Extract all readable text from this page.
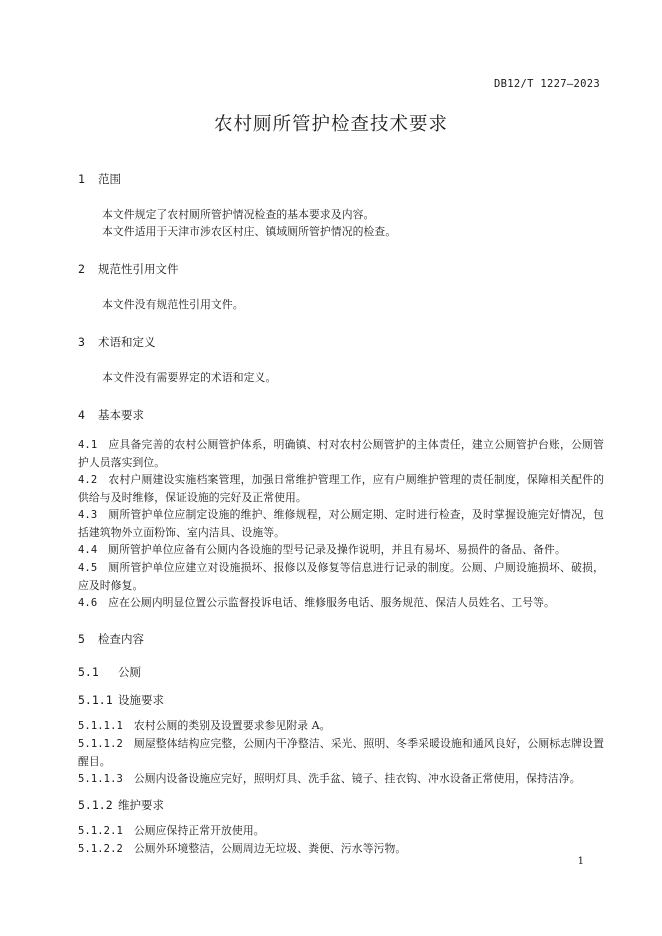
DB12/T 1227—2023
农村厕所管护检查技术要求
1	范围
本文件规定了农村厕所管护情况检查的基本要求及内容。
本文件适用于天津市涉农区村庄、镇域厕所管护情况的检查。
2	规范性引用文件
本文件没有规范性引用文件。
3	术语和定义
本文件没有需要界定的术语和定义。
4	基本要求
4.1　 应具备完善的农村公厕管护体系，明确镇、村对农村公厕管护的主体责任，建立公厕管护台账，公厕管护人员落实到位。
4.2　 农村户厕建设实施档案管理，加强日常维护管理工作，应有户厕维护管理的责任制度，保障相关配件的供给与及时维修，保证设施的完好及正常使用。
4.3　 厕所管护单位应制定设施的维护、维修规程，对公厕定期、定时进行检查，及时掌握设施完好情况，包括建筑物外立面粉饰、室内洁具、设施等。
4.4　 厕所管护单位应备有公厕内各设施的型号记录及操作说明，并且有易坏、易损件的备品、备件。
4.5　 厕所管护单位应建立对设施损坏、报修以及修复等信息进行记录的制度。公厕、户厕设施损坏、破损，应及时修复。
4.6　 应在公厕内明显位置公示监督投诉电话、维修服务电话、服务规范、保洁人员姓名、工号等。
5	检查内容
5.1	公厕
5.1.1 设施要求
5.1.1.1　 农村公厕的类别及设置要求参见附录 A。
5.1.1.2　 厕屋整体结构应完整，公厕内干净整洁、采光、照明、冬季采暖设施和通风良好，公厕标志牌设置醒目。
5.1.1.3　 公厕内设备设施应完好，照明灯具、洗手盆、镜子、挂衣钩、冲水设备正常使用，保持洁净。
5.1.2 维护要求
5.1.2.1　 公厕应保持正常开放使用。
5.1.2.2　 公厕外环境整洁，公厕周边无垃圾、粪便、污水等污物。
1
